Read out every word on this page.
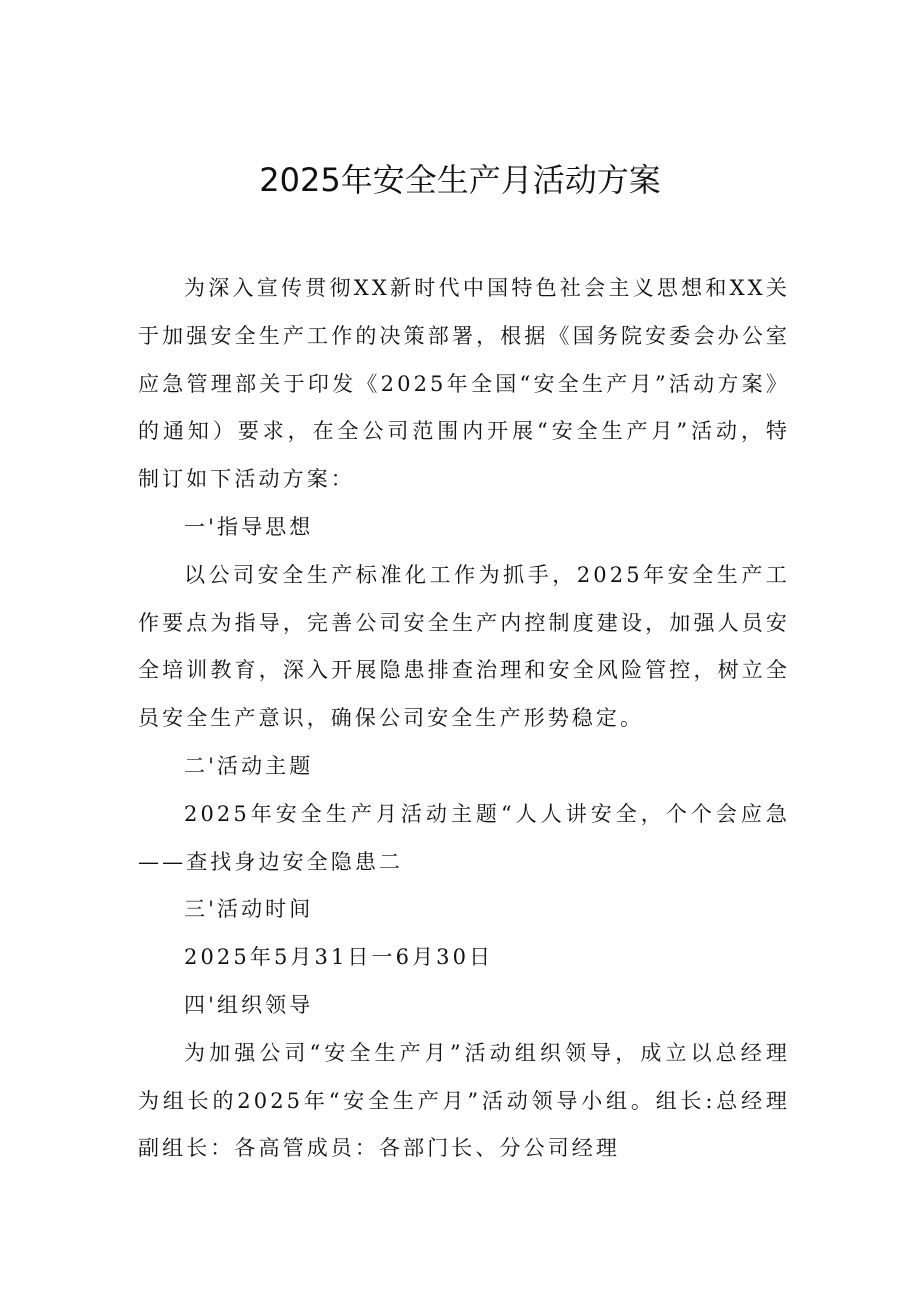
2025年安全生产月活动方案

为深入宣传贯彻XX新时代中国特色社会主义思想和XX关于加强安全生产工作的决策部署，根据《国务院安委会办公室应急管理部关于印发《2025年全国“安全生产月”活动方案》的通知）要求，在全公司范围内开展“安全生产月”活动，特制订如下活动方案：

一'指导思想

以公司安全生产标准化工作为抓手，2025年安全生产工作要点为指导，完善公司安全生产内控制度建设，加强人员安全培训教育，深入开展隐患排查治理和安全风险管控，树立全员安全生产意识，确保公司安全生产形势稳定。

二'活动主题

2025年安全生产月活动主题“人人讲安全，个个会应急——查找身边安全隐患二

三'活动时间

2025年5月31日一6月30日

四'组织领导

为加强公司“安全生产月”活动组织领导，成立以总经理为组长的2025年“安全生产月”活动领导小组。组长:总经理副组长：各高管成员：各部门长、分公司经理
